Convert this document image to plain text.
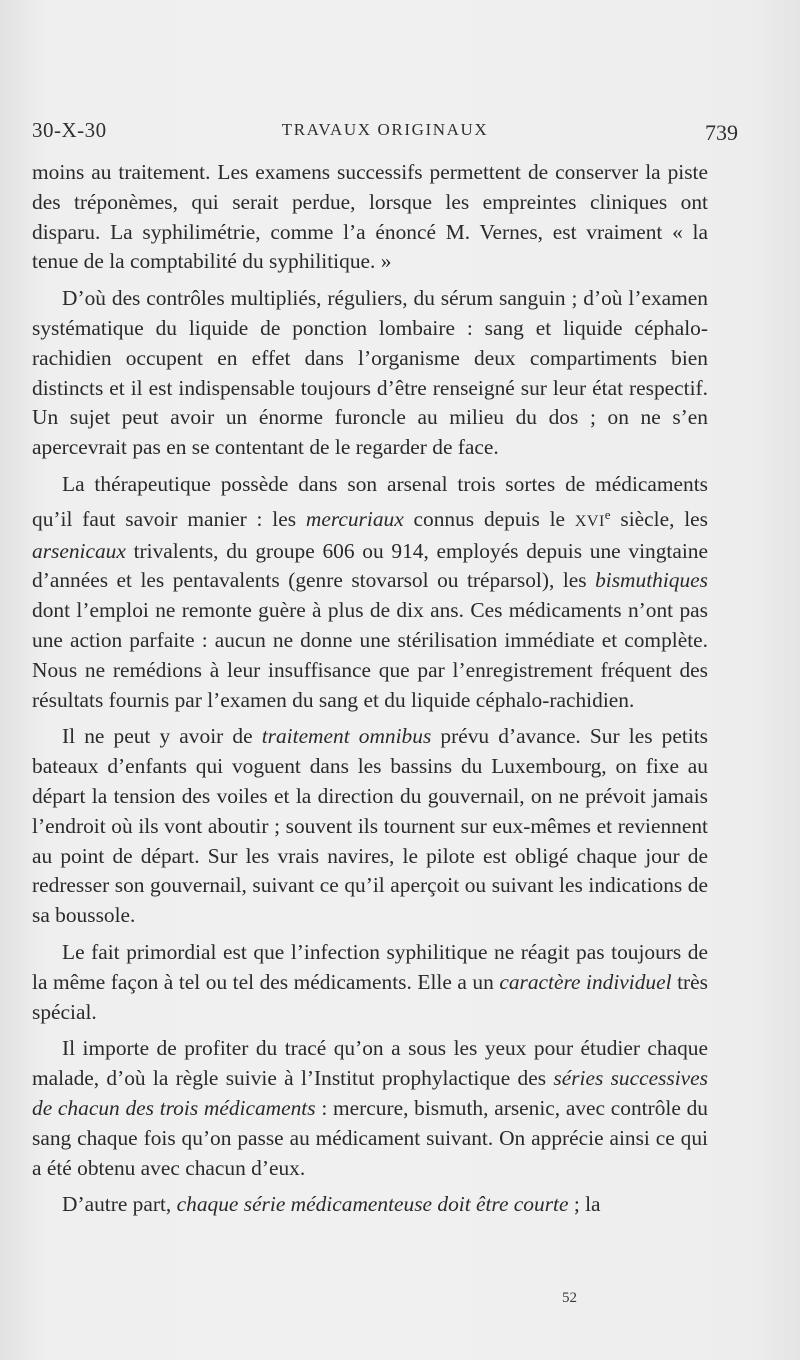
30-X-30	TRAVAUX ORIGINAUX	739

moins au traitement. Les examens successifs permettent de conserver la piste des tréponèmes, qui serait perdue, lorsque les empreintes cliniques ont disparu. La syphilimétrie, comme l’a énoncé M. Vernes, est vraiment « la tenue de la comptabilité du syphilitique. »

D’où des contrôles multipliés, réguliers, du sérum sanguin ; d’où l’examen systématique du liquide de ponction lombaire : sang et liquide céphalo-rachidien occupent en effet dans l’organisme deux compartiments bien distincts et il est indispensable toujours d’être renseigné sur leur état respectif. Un sujet peut avoir un énorme furoncle au milieu du dos ; on ne s’en apercevrait pas en se contentant de le regarder de face.

La thérapeutique possède dans son arsenal trois sortes de médicaments qu’il faut savoir manier : les mercuriaux connus depuis le XVIe siècle, les arsenicaux trivalents, du groupe 606 ou 914, employés depuis une vingtaine d’années et les pentavalents (genre stovarsol ou tréparsol), les bismuthiques dont l’emploi ne remonte guère à plus de dix ans. Ces médicaments n’ont pas une action parfaite : aucun ne donne une stérilisation immédiate et complète. Nous ne remédions à leur insuffisance que par l’enregistrement fréquent des résultats fournis par l’examen du sang et du liquide céphalo-rachidien.

Il ne peut y avoir de traitement omnibus prévu d’avance. Sur les petits bateaux d’enfants qui voguent dans les bassins du Luxembourg, on fixe au départ la tension des voiles et la direction du gouvernail, on ne prévoit jamais l’endroit où ils vont aboutir ; souvent ils tournent sur eux-mêmes et reviennent au point de départ. Sur les vrais navires, le pilote est obligé chaque jour de redresser son gouvernail, suivant ce qu’il aperçoit ou suivant les indications de sa boussole.

Le fait primordial est que l’infection syphilitique ne réagit pas toujours de la même façon à tel ou tel des médicaments. Elle a un caractère individuel très spécial.

Il importe de profiter du tracé qu’on a sous les yeux pour étudier chaque malade, d’où la règle suivie à l’Institut prophylactique des séries successives de chacun des trois médicaments : mercure, bismuth, arsenic, avec contrôle du sang chaque fois qu’on passe au médicament suivant. On apprécie ainsi ce qui a été obtenu avec chacun d’eux.

D’autre part, chaque série médicamenteuse doit être courte ; la

52
